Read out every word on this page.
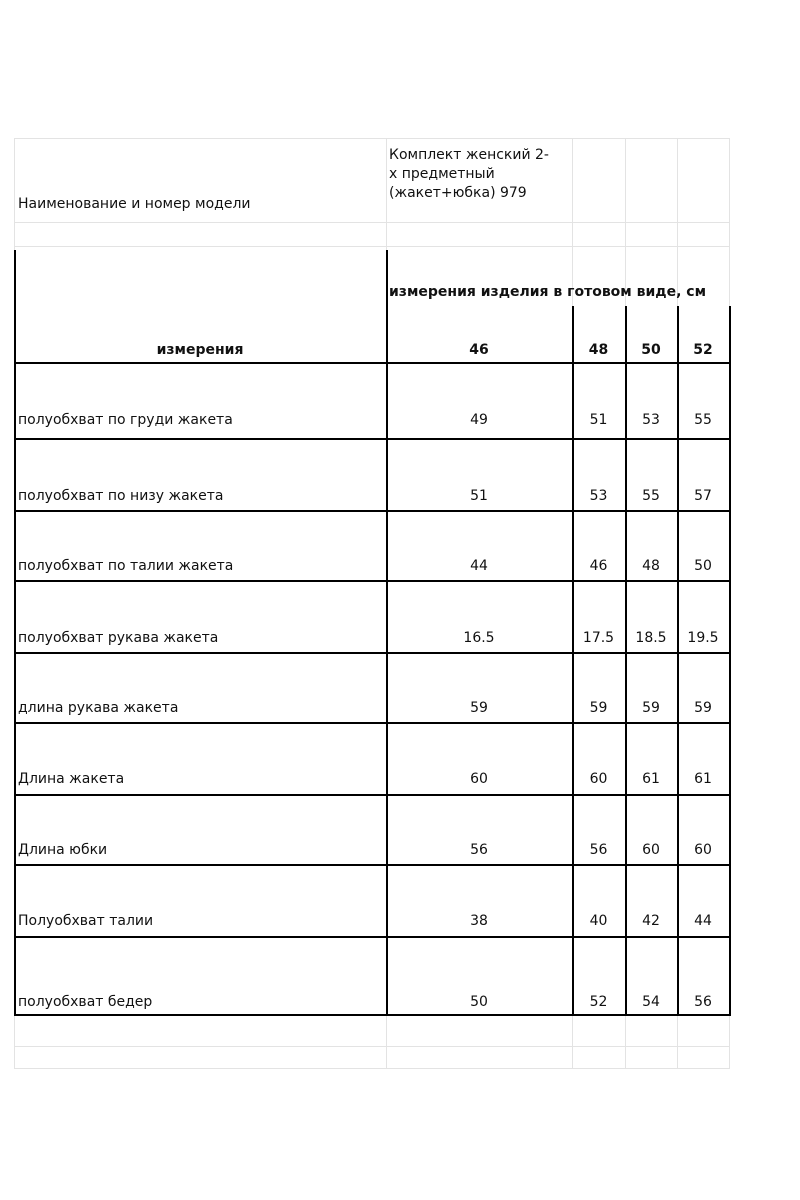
Наименование и номер модели
Комплект женский 2-
х предметный
(жакет+юбка) 979
измерения изделия в готовом виде, см
измерения	46	48	50	52
полуобхват по груди жакета	49	51	53	55
полуобхват по низу жакета	51	53	55	57
полуобхват по талии жакета	44	46	48	50
полуобхват рукава жакета	16.5	17.5	18.5	19.5
длина рукава жакета	59	59	59	59
Длина жакета	60	60	61	61
Длина юбки	56	56	60	60
Полуобхват талии	38	40	42	44
полуобхват бедер	50	52	54	56
